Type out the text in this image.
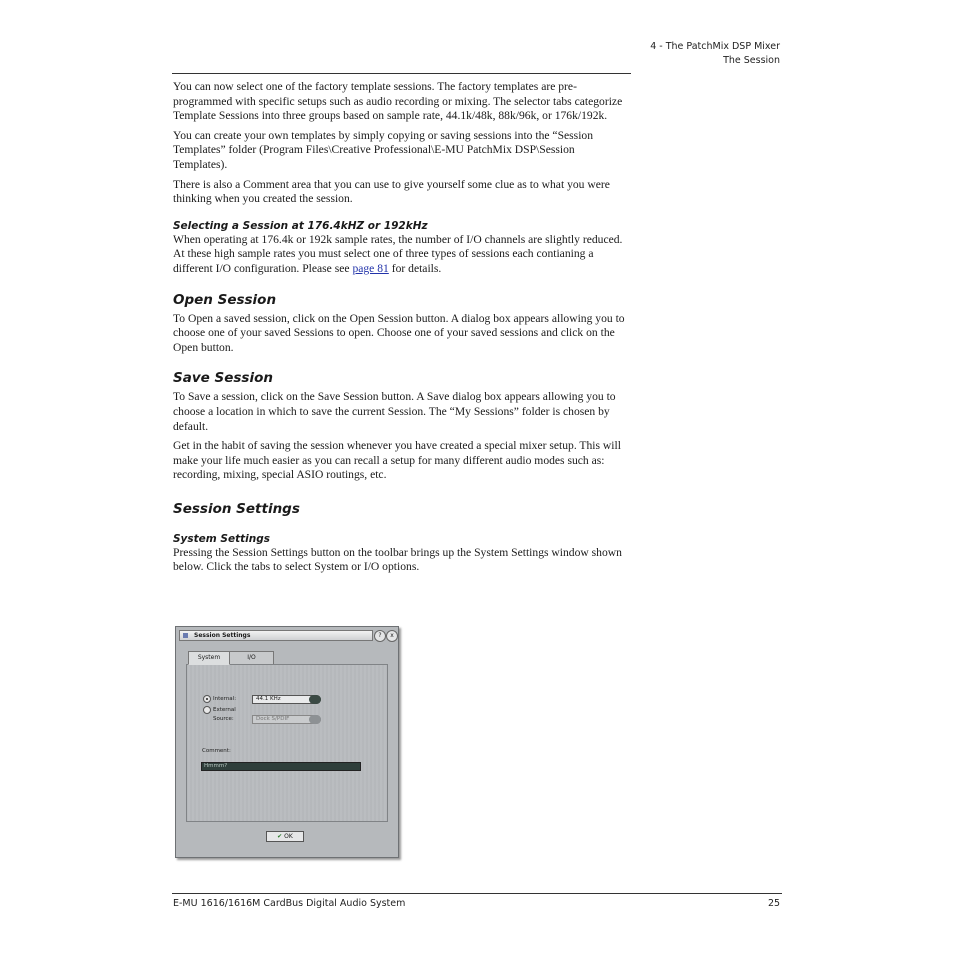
4 - The PatchMix DSP Mixer
The Session

You can now select one of the factory template sessions. The factory templates are pre-programmed with specific setups such as audio recording or mixing. The selector tabs categorize Template Sessions into three groups based on sample rate, 44.1k/48k, 88k/96k, or 176k/192k.

You can create your own templates by simply copying or saving sessions into the “Session Templates” folder (Program Files\Creative Professional\E-MU PatchMix DSP\Session Templates).

There is also a Comment area that you can use to give yourself some clue as to what you were thinking when you created the session.

Selecting a Session at 176.4kHZ or 192kHz

When operating at 176.4k or 192k sample rates, the number of I/O channels are slightly reduced. At these high sample rates you must select one of three types of sessions each contianing a different I/O configuration. Please see page 81 for details.

Open Session

To Open a saved session, click on the Open Session button. A dialog box appears allowing you to choose one of your saved Sessions to open. Choose one of your saved sessions and click on the Open button.

Save Session

To Save a session, click on the Save Session button. A Save dialog box appears allowing you to choose a location in which to save the current Session. The “My Sessions” folder is chosen by default.

Get in the habit of saving the session whenever you have created a special mixer setup. This will make your life much easier as you can recall a setup for many different audio modes such as: recording, mixing, special ASIO routings, etc.

Session Settings
System Settings

Pressing the Session Settings button on the toolbar brings up the System Settings window shown below. Click the tabs to select System or I/O options.

Session Settings	?	x
System	I/O
Internal:	44.1 KHz
External
Source:	Dock S/PDIF
Comment:
Hmmm?
✔ OK
E-MU 1616/1616M CardBus Digital Audio System	25
